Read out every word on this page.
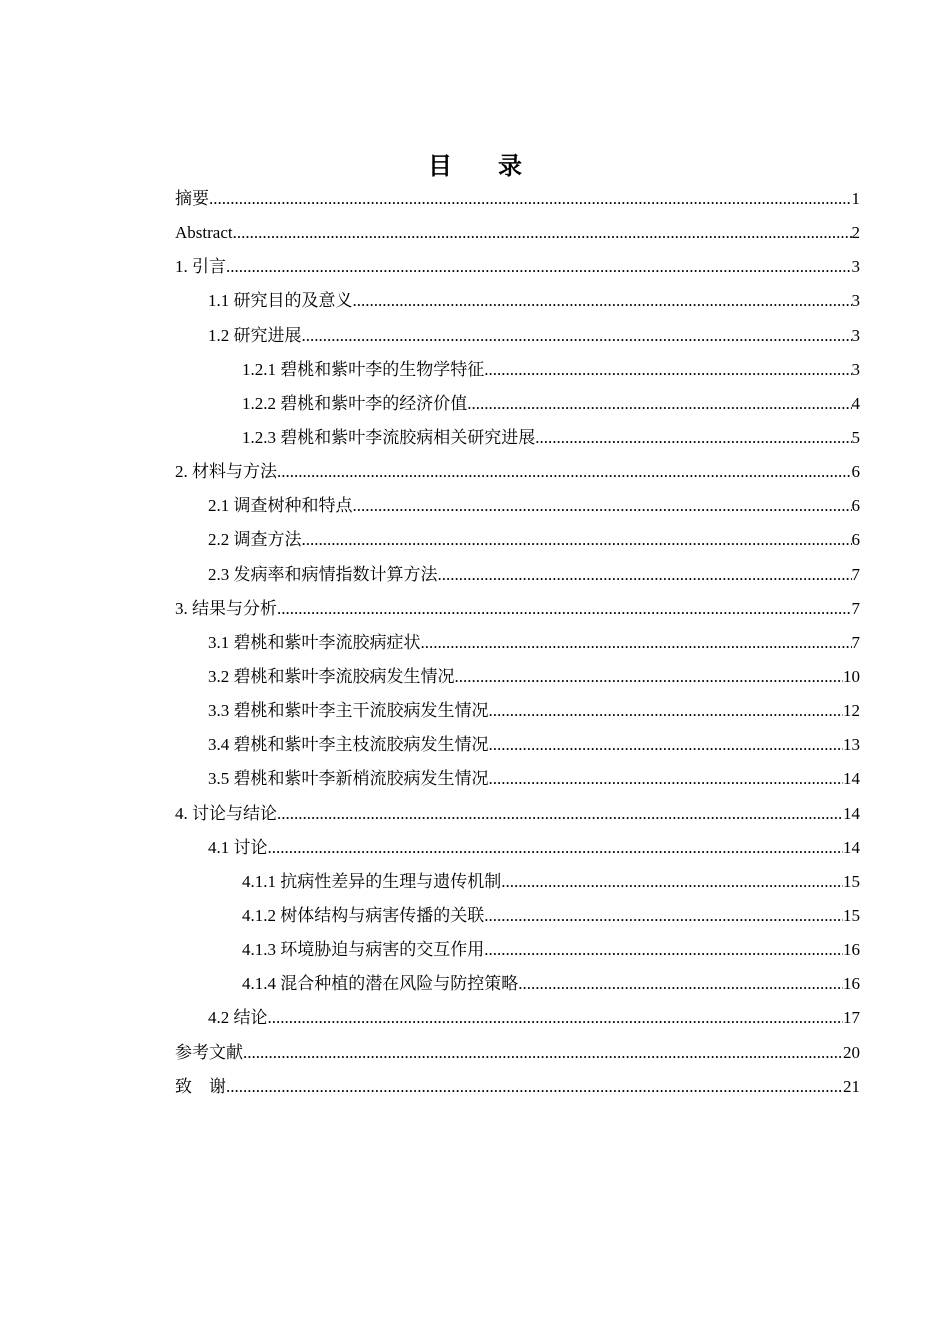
目 录
摘要 .....	1
Abstract .....	2
1. 引言 .....	3
1.1 研究目的及意义 .....	3
1.2 研究进展 .....	3
1.2.1 碧桃和紫叶李的生物学特征 .....	3
1.2.2 碧桃和紫叶李的经济价值 .....	4
1.2.3 碧桃和紫叶李流胶病相关研究进展 .....	5
2. 材料与方法 .....	6
2.1 调查树种和特点 .....	6
2.2 调查方法 .....	6
2.3 发病率和病情指数计算方法 .....	7
3. 结果与分析 .....	7
3.1 碧桃和紫叶李流胶病症状 .....	7
3.2 碧桃和紫叶李流胶病发生情况 .....	10
3.3 碧桃和紫叶李主干流胶病发生情况 .....	12
3.4 碧桃和紫叶李主枝流胶病发生情况 .....	13
3.5 碧桃和紫叶李新梢流胶病发生情况 .....	14
4. 讨论与结论 .....	14
4.1 讨论 .....	14
4.1.1 抗病性差异的生理与遗传机制 .....	15
4.1.2 树体结构与病害传播的关联 .....	15
4.1.3 环境胁迫与病害的交互作用 .....	16
4.1.4 混合种植的潜在风险与防控策略 .....	16
4.2 结论 .....	17
参考文献 .....	20
致　谢 .....	21
